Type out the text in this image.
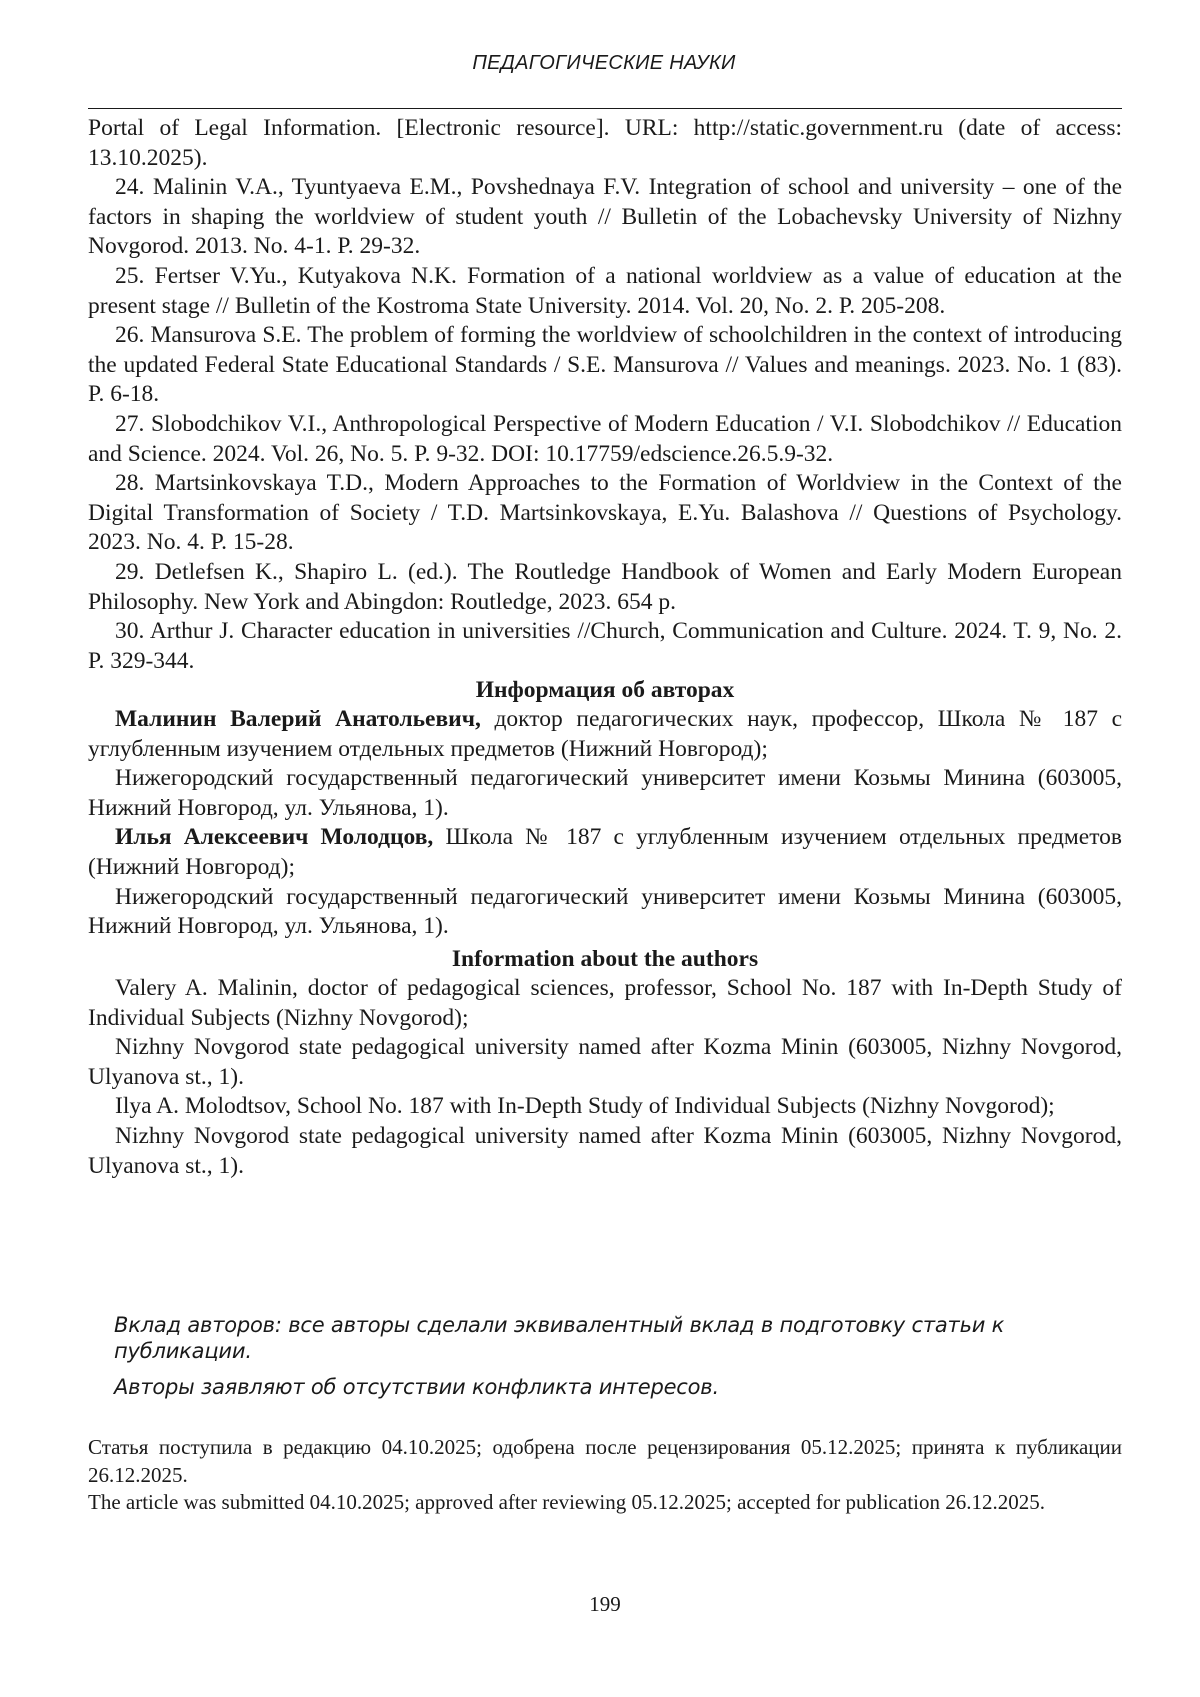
ПЕДАГОГИЧЕСКИЕ НАУКИ

Portal of Legal Information. [Electronic resource]. URL: http://static.government.ru (date of access: 13.10.2025).

24. Malinin V.A., Tyuntyaeva E.M., Povshednaya F.V. Integration of school and university – one of the factors in shaping the worldview of student youth // Bulletin of the Lobachevsky University of Nizhny Novgorod. 2013. No. 4-1. P. 29-32.

25. Fertser V.Yu., Kutyakova N.K. Formation of a national worldview as a value of education at the present stage // Bulletin of the Kostroma State University. 2014. Vol. 20, No. 2. P. 205-208.

26. Mansurova S.E. The problem of forming the worldview of schoolchildren in the context of introducing the updated Federal State Educational Standards / S.E. Mansurova // Values and meanings. 2023. No. 1 (83). P. 6-18.

27. Slobodchikov V.I., Anthropological Perspective of Modern Education / V.I. Slobodchikov // Education and Science. 2024. Vol. 26, No. 5. P. 9-32. DOI: 10.17759/edscience.26.5.9-32.

28. Martsinkovskaya T.D., Modern Approaches to the Formation of Worldview in the Context of the Digital Transformation of Society / T.D. Martsinkovskaya, E.Yu. Balashova // Questions of Psychology. 2023. No. 4. P. 15-28.

29. Detlefsen K., Shapiro L. (ed.). The Routledge Handbook of Women and Early Modern European Philosophy. New York and Abingdon: Routledge, 2023. 654 p.

30. Arthur J. Character education in universities //Church, Communication and Culture. 2024. T. 9, No. 2. P. 329-344.

Информация об авторах

Малинин Валерий Анатольевич, доктор педагогических наук, профессор, Школа № 187 с углубленным изучением отдельных предметов (Нижний Новгород);

Нижегородский государственный педагогический университет имени Козьмы Минина (603005, Нижний Новгород, ул. Ульянова, 1).

Илья Алексеевич Молодцов, Школа № 187 с углубленным изучением отдельных предметов (Нижний Новгород);

Нижегородский государственный педагогический университет имени Козьмы Минина (603005, Нижний Новгород, ул. Ульянова, 1).

Information about the authors

Valery A. Malinin, doctor of pedagogical sciences, professor, School No. 187 with In-Depth Study of Individual Subjects (Nizhny Novgorod);

Nizhny Novgorod state pedagogical university named after Kozma Minin (603005, Nizhny Novgorod, Ulyanova st., 1).

Ilya A. Molodtsov, School No. 187 with In-Depth Study of Individual Subjects (Nizhny Novgorod);

Nizhny Novgorod state pedagogical university named after Kozma Minin (603005, Nizhny Novgorod, Ulyanova st., 1).

Вклад авторов: все авторы сделали эквивалентный вклад в подготовку статьи к публикации.
Авторы заявляют об отсутствии конфликта интересов.

Статья поступила в редакцию 04.10.2025; одобрена после рецензирования 05.12.2025; принята к публикации 26.12.2025.

The article was submitted 04.10.2025; approved after reviewing 05.12.2025; accepted for publication 26.12.2025.

199
